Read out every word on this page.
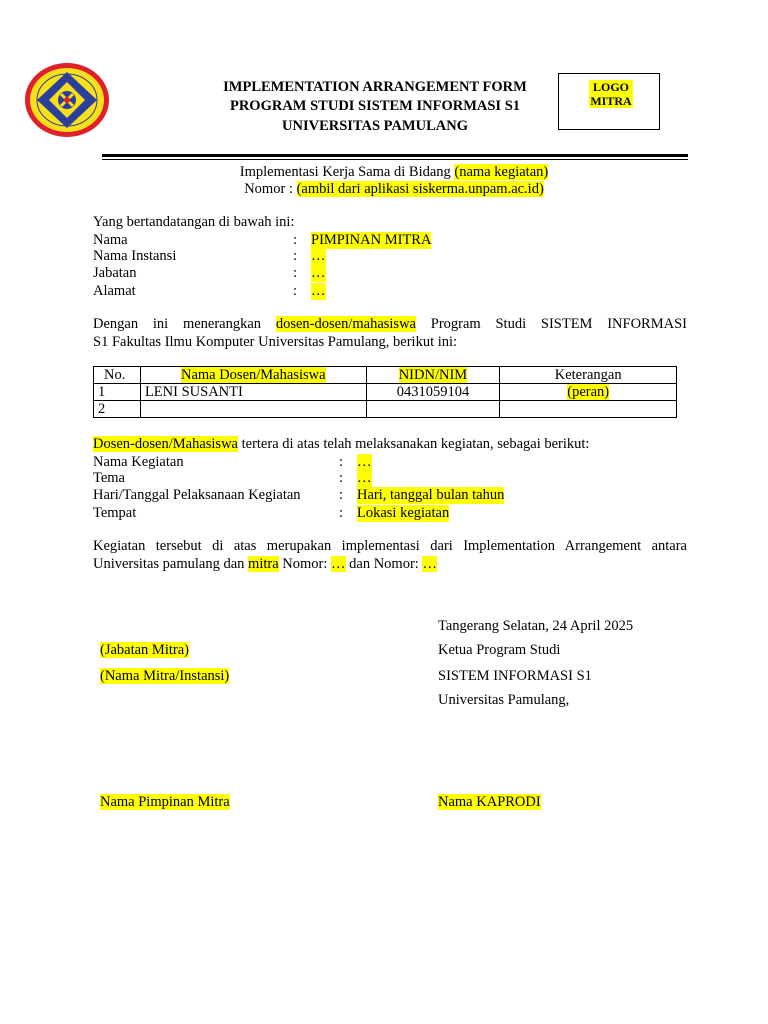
IMPLEMENTATION ARRANGEMENT FORM
PROGRAM STUDI SISTEM INFORMASI S1
UNIVERSITAS PAMULANG
LOGO
MITRA
Implementasi Kerja Sama di Bidang (nama kegiatan)
Nomor : (ambil dari aplikasi siskerma.unpam.ac.id)
Yang bertandatangan di bawah ini:
Nama	: PIMPINAN MITRA
Nama Instansi	: …
Jabatan	: …
Alamat	: …
Dengan ini menerangkan dosen-dosen/mahasiswa Program Studi SISTEM INFORMASI
S1 Fakultas Ilmu Komputer Universitas Pamulang, berikut ini:
No.	Nama Dosen/Mahasiswa	NIDN/NIM	Keterangan
1	LENI SUSANTI	0431059104	(peran)
2			
Dosen-dosen/Mahasiswa tertera di atas telah melaksanakan kegiatan, sebagai berikut:
Nama Kegiatan	: …
Tema	: …
Hari/Tanggal Pelaksanaan Kegiatan	: Hari, tanggal bulan tahun
Tempat	: Lokasi kegiatan
Kegiatan tersebut di atas merupakan implementasi dari Implementation Arrangement antara
Universitas pamulang dan mitra Nomor: … dan Nomor: …
Tangerang Selatan, 24 April 2025
(Jabatan Mitra)	Ketua Program Studi
(Nama Mitra/Instansi)	SISTEM INFORMASI S1
Universitas Pamulang,
Nama Pimpinan Mitra	Nama KAPRODI
